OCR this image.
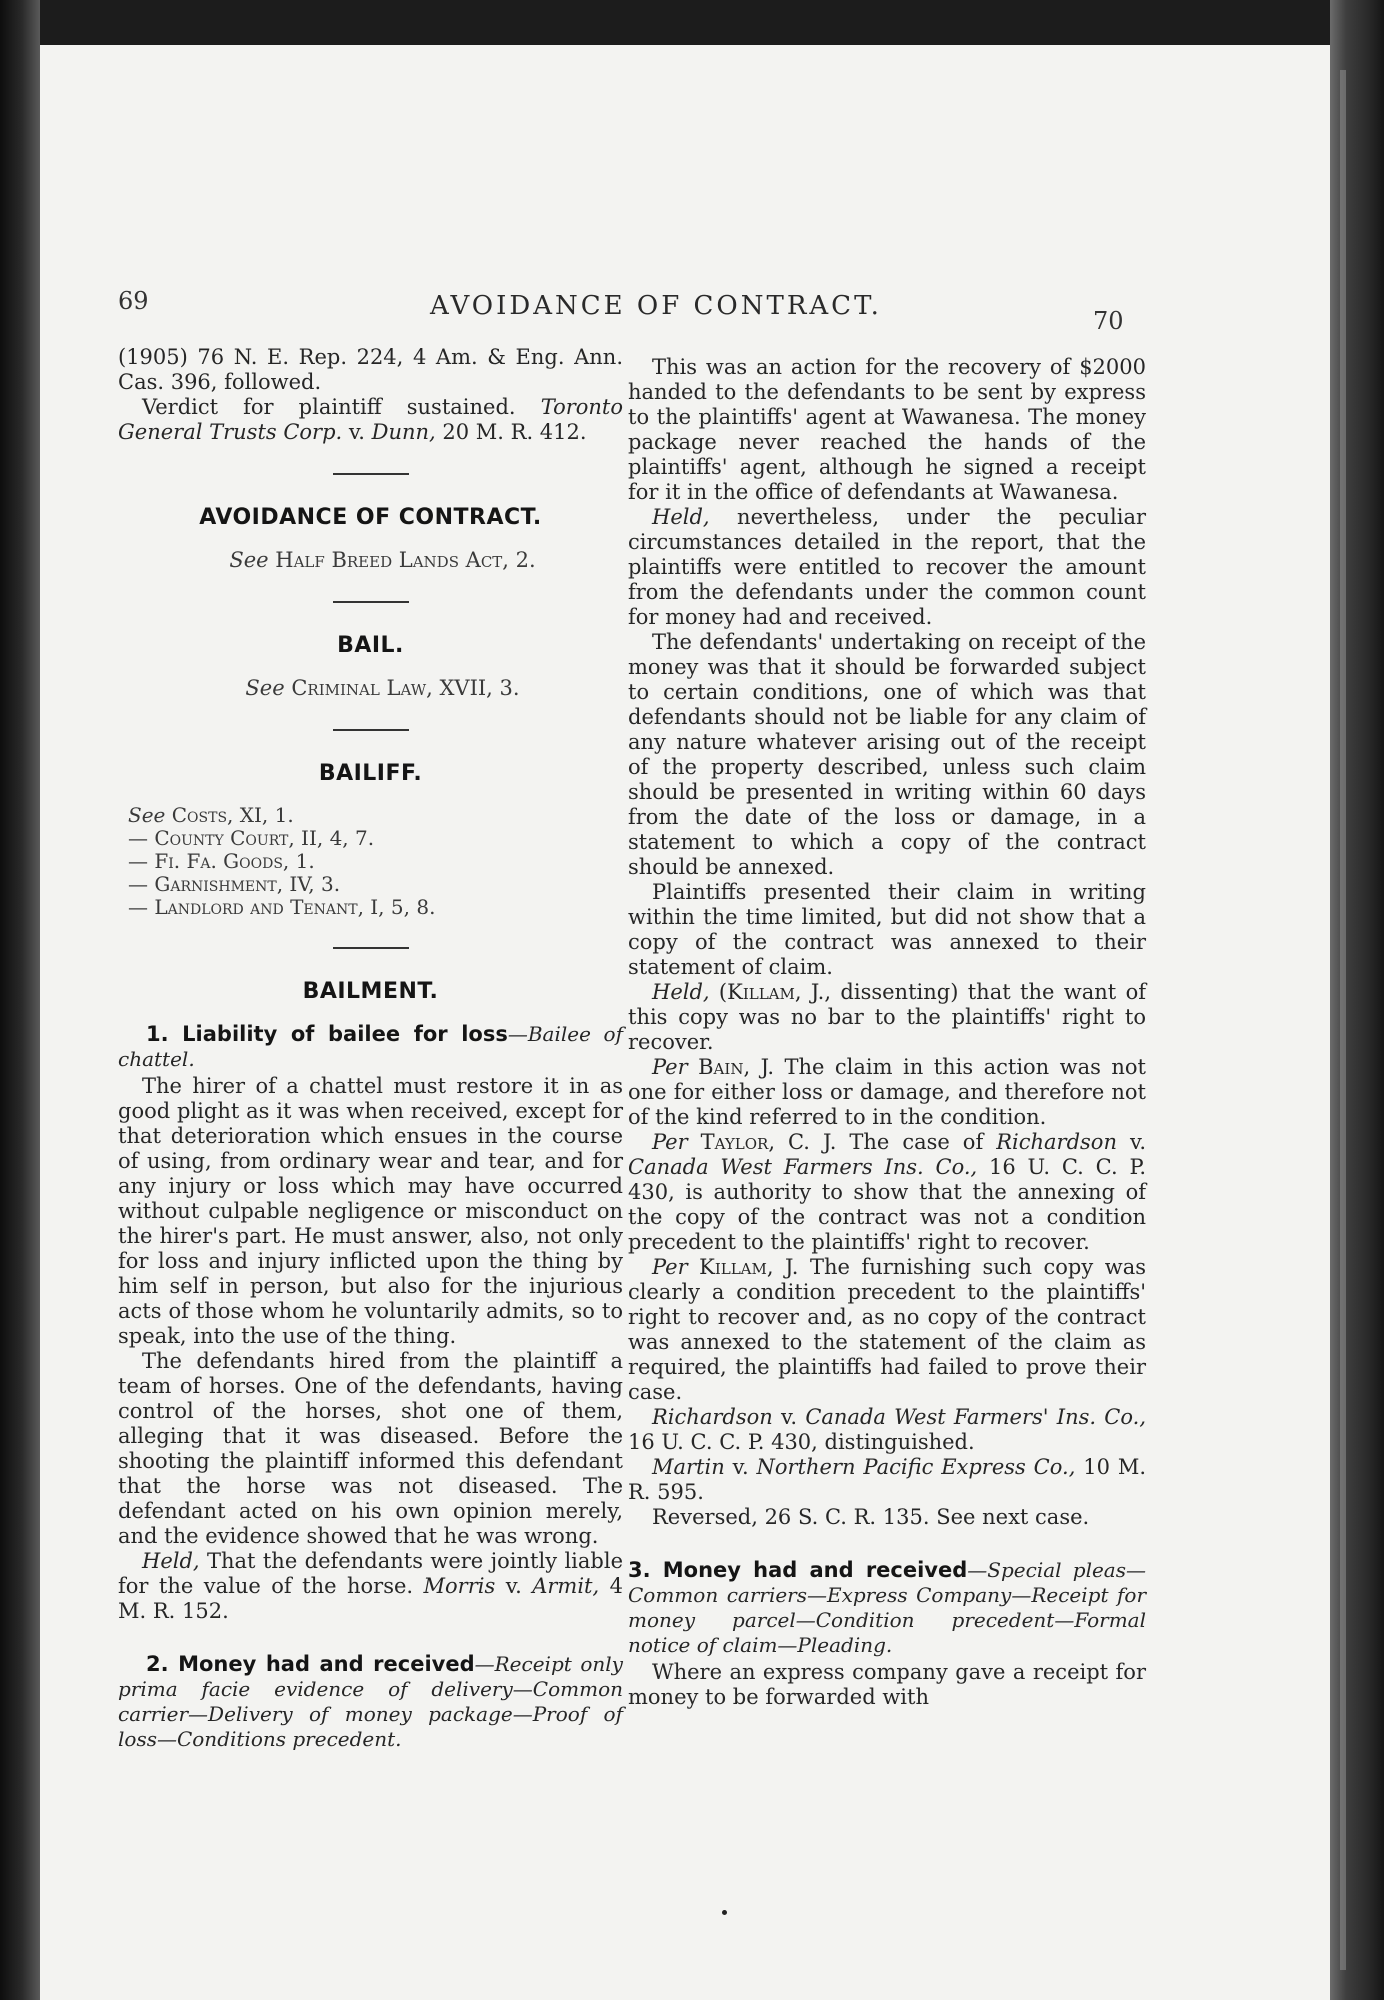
69	AVOIDANCE OF CONTRACT.	70

(1905) 76 N. E. Rep. 224, 4 Am. & Eng. Ann. Cas. 396, followed.

Verdict for plaintiff sustained. Toronto General Trusts Corp. v. Dunn, 20 M. R. 412.

AVOIDANCE OF CONTRACT.

See Half Breed Lands Act, 2.

BAIL.

See Criminal Law, XVII, 3.

BAILIFF.
See Costs, XI, 1.
— County Court, II, 4, 7.
— Fi. Fa. Goods, 1.
— Garnishment, IV, 3.
— Landlord and Tenant, I, 5, 8.
BAILMENT.

1. Liability of bailee for loss—Bailee of chattel.

The hirer of a chattel must restore it in as good plight as it was when received, except for that deterioration which ensues in the course of using, from ordinary wear and tear, and for any injury or loss which may have occurred without culpable negligence or misconduct on the hirer's part. He must answer, also, not only for loss and injury inflicted upon the thing by him self in person, but also for the injurious acts of those whom he voluntarily admits, so to speak, into the use of the thing.

The defendants hired from the plaintiff a team of horses. One of the defendants, having control of the horses, shot one of them, alleging that it was diseased. Before the shooting the plaintiff informed this defendant that the horse was not diseased. The defendant acted on his own opinion merely, and the evidence showed that he was wrong.

Held, That the defendants were jointly liable for the value of the horse. Morris v. Armit, 4 M. R. 152.

2. Money had and received—Receipt only prima facie evidence of delivery—Common carrier—Delivery of money package—Proof of loss—Conditions precedent.

This was an action for the recovery of $2000 handed to the defendants to be sent by express to the plaintiffs' agent at Wawanesa. The money package never reached the hands of the plaintiffs' agent, although he signed a receipt for it in the office of defendants at Wawanesa.

Held, nevertheless, under the peculiar circumstances detailed in the report, that the plaintiffs were entitled to recover the amount from the defendants under the common count for money had and received.

The defendants' undertaking on receipt of the money was that it should be forwarded subject to certain conditions, one of which was that defendants should not be liable for any claim of any nature whatever arising out of the receipt of the property described, unless such claim should be presented in writing within 60 days from the date of the loss or damage, in a statement to which a copy of the contract should be annexed.

Plaintiffs presented their claim in writing within the time limited, but did not show that a copy of the contract was annexed to their statement of claim.

Held, (Killam, J., dissenting) that the want of this copy was no bar to the plaintiffs' right to recover.

Per Bain, J. The claim in this action was not one for either loss or damage, and therefore not of the kind referred to in the condition.

Per Taylor, C. J. The case of Richardson v. Canada West Farmers Ins. Co., 16 U. C. C. P. 430, is authority to show that the annexing of the copy of the contract was not a condition precedent to the plaintiffs' right to recover.

Per Killam, J. The furnishing such copy was clearly a condition precedent to the plaintiffs' right to recover and, as no copy of the contract was annexed to the statement of the claim as required, the plaintiffs had failed to prove their case.

Richardson v. Canada West Farmers' Ins. Co., 16 U. C. C. P. 430, distinguished.

Martin v. Northern Pacific Express Co., 10 M. R. 595.

Reversed, 26 S. C. R. 135. See next case.

3. Money had and received—Special pleas—Common carriers—Express Company—Receipt for money parcel—Condition precedent—Formal notice of claim—Pleading.

Where an express company gave a receipt for money to be forwarded with
